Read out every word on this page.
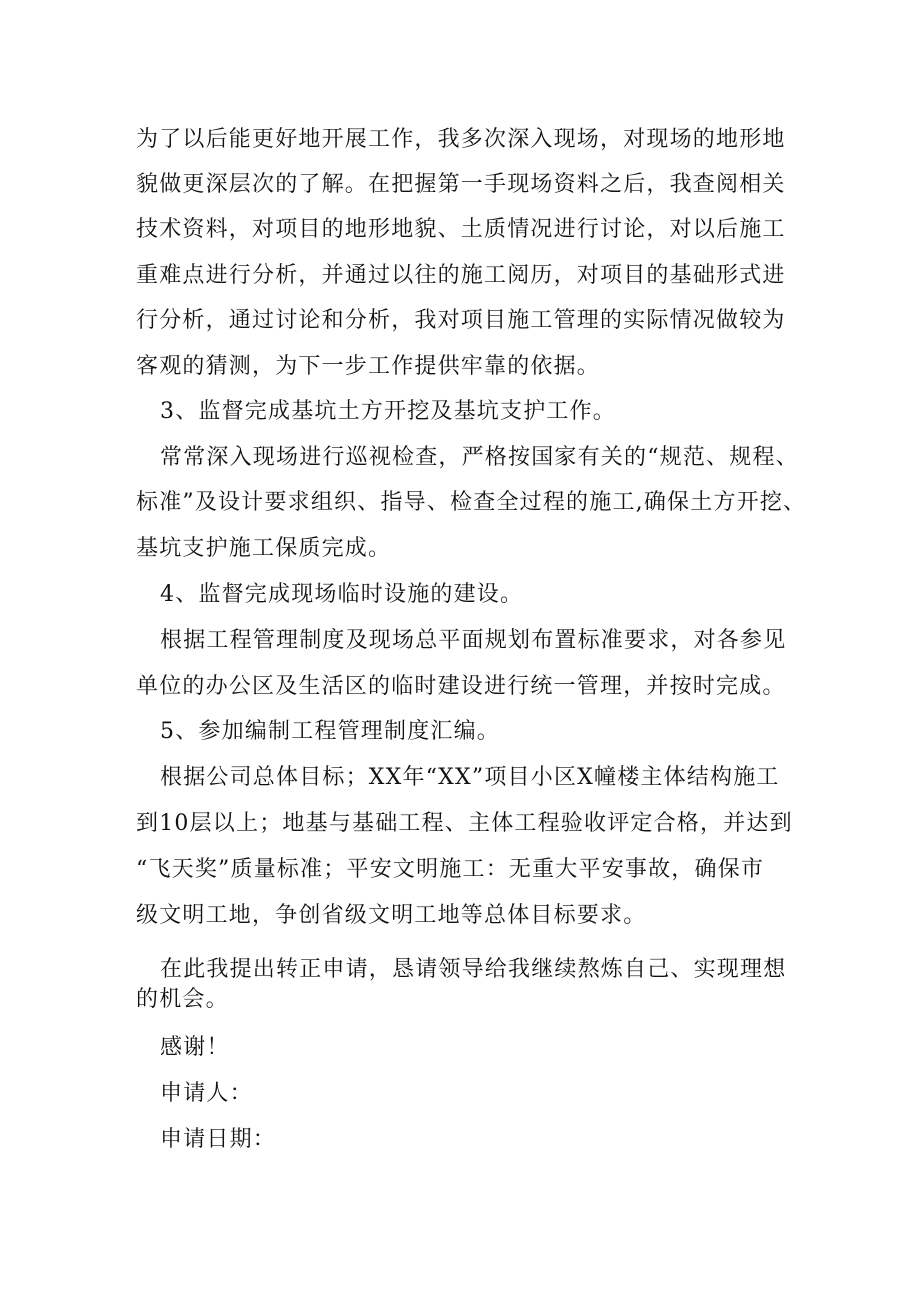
为了以后能更好地开展工作，我多次深入现场，对现场的地形地

貌做更深层次的了解。在把握第一手现场资料之后，我查阅相关

技术资料，对项目的地形地貌、土质情况进行讨论，对以后施工

重难点进行分析，并通过以往的施工阅历，对项目的基础形式进

行分析，通过讨论和分析，我对项目施工管理的实际情况做较为

客观的猜测，为下一步工作提供牢靠的依据。

3、监督完成基坑土方开挖及基坑支护工作。

常常深入现场进行巡视检查，严格按国家有关的“规范、规程、

标准”及设计要求组织、指导、检查全过程的施工,确保土方开挖、

基坑支护施工保质完成。

4、监督完成现场临时设施的建设。

根据工程管理制度及现场总平面规划布置标准要求，对各参见

单位的办公区及生活区的临时建设进行统一管理，并按时完成。

5、参加编制工程管理制度汇编。

根据公司总体目标；XX年“XX”项目小区X幢楼主体结构施工

到10层以上；地基与基础工程、主体工程验收评定合格，并达到

“飞天奖”质量标准；平安文明施工：无重大平安事故，确保市

级文明工地，争创省级文明工地等总体目标要求。

在此我提出转正申请，恳请领导给我继续熬炼自己、实现理想

的机会。

感谢！

申请人：

申请日期：
